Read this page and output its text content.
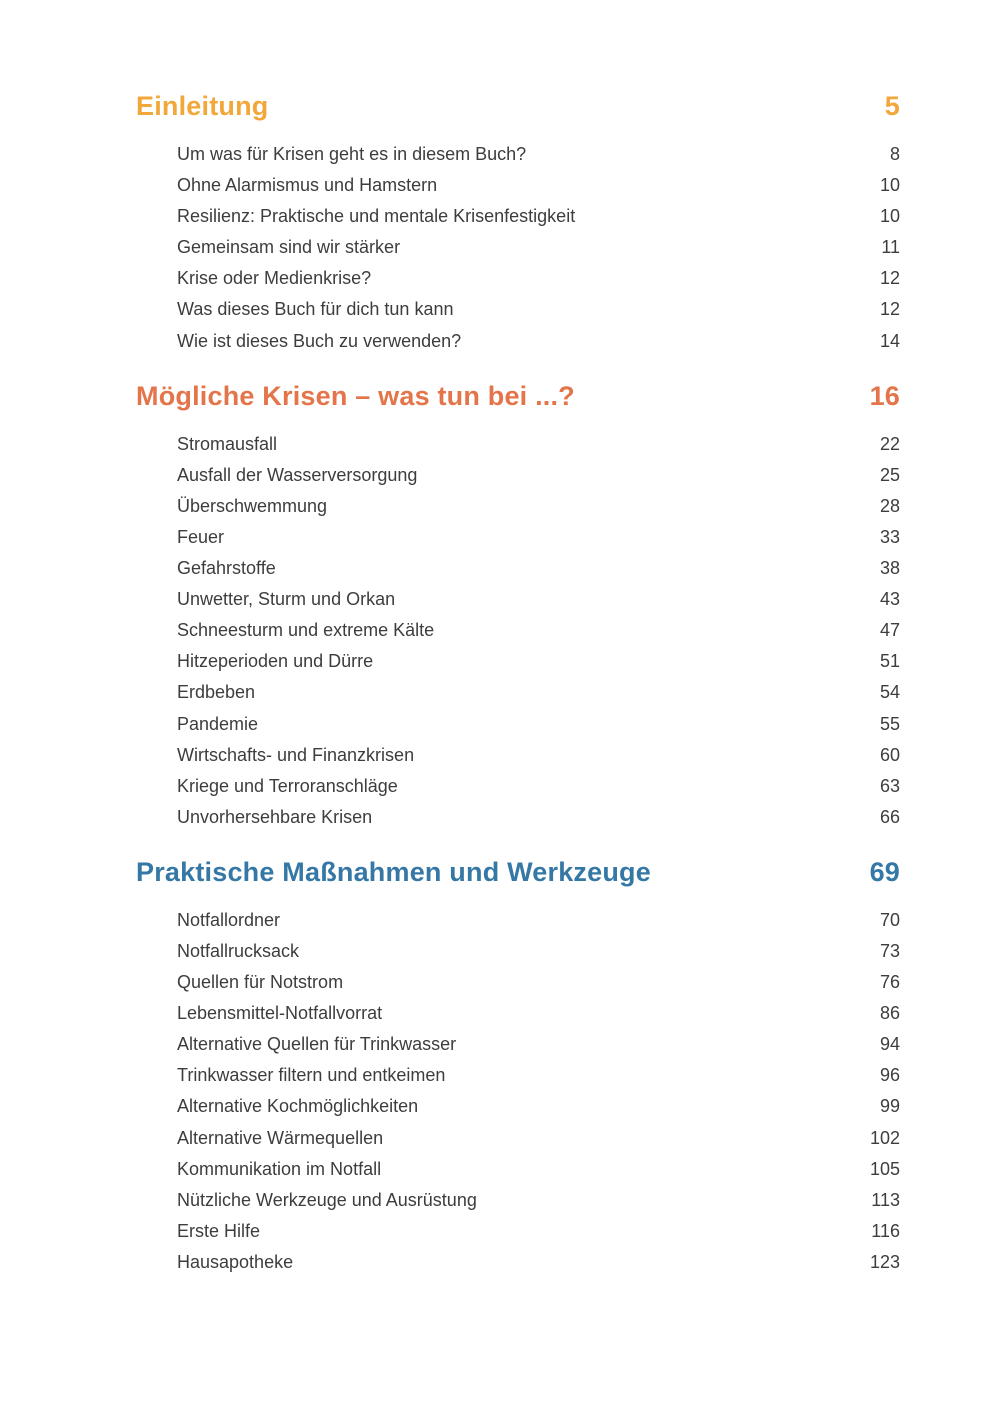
Einleitung	5
Um was für Krisen geht es in diesem Buch?	8
Ohne Alarmismus und Hamstern	10
Resilienz: Praktische und mentale Krisenfestigkeit	10
Gemeinsam sind wir stärker	11
Krise oder Medienkrise?	12
Was dieses Buch für dich tun kann	12
Wie ist dieses Buch zu verwenden?	14
Mögliche Krisen – was tun bei ...?	16
Stromausfall	22
Ausfall der Wasserversorgung	25
Überschwemmung	28
Feuer	33
Gefahrstoffe	38
Unwetter, Sturm und Orkan	43
Schneesturm und extreme Kälte	47
Hitzeperioden und Dürre	51
Erdbeben	54
Pandemie	55
Wirtschafts- und Finanzkrisen	60
Kriege und Terroranschläge	63
Unvorhersehbare Krisen	66
Praktische Maßnahmen und Werkzeuge	69
Notfallordner	70
Notfallrucksack	73
Quellen für Notstrom	76
Lebensmittel-Notfallvorrat	86
Alternative Quellen für Trinkwasser	94
Trinkwasser filtern und entkeimen	96
Alternative Kochmöglichkeiten	99
Alternative Wärmequellen	102
Kommunikation im Notfall	105
Nützliche Werkzeuge und Ausrüstung	113
Erste Hilfe	116
Hausapotheke	123
